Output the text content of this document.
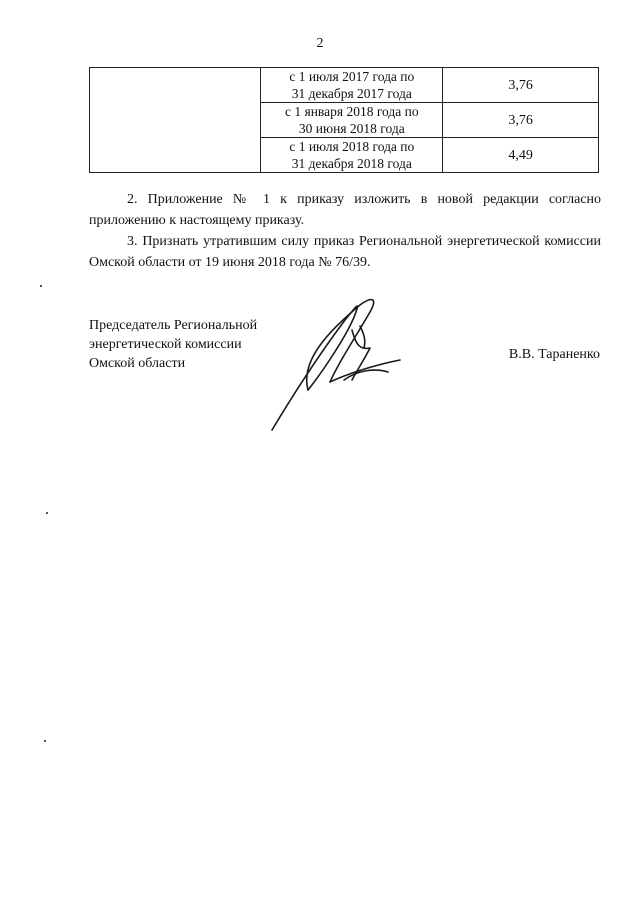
2

	с 1 июля 2017 года по
31 декабря 2017 года	3,76

	с 1 января 2018 года по
30 июня 2018 года	3,76

	с 1 июля 2018 года по
31 декабря 2018 года	4,49

2. Приложение № 1 к приказу изложить в новой редакции согласно приложению к настоящему приказу.

3. Признать утратившим силу приказ Региональной энергетической комиссии Омской области от 19 июня 2018 года № 76/39.

Председатель Региональной
энергетической комиссии
Омской области
В.В. Тараненко
